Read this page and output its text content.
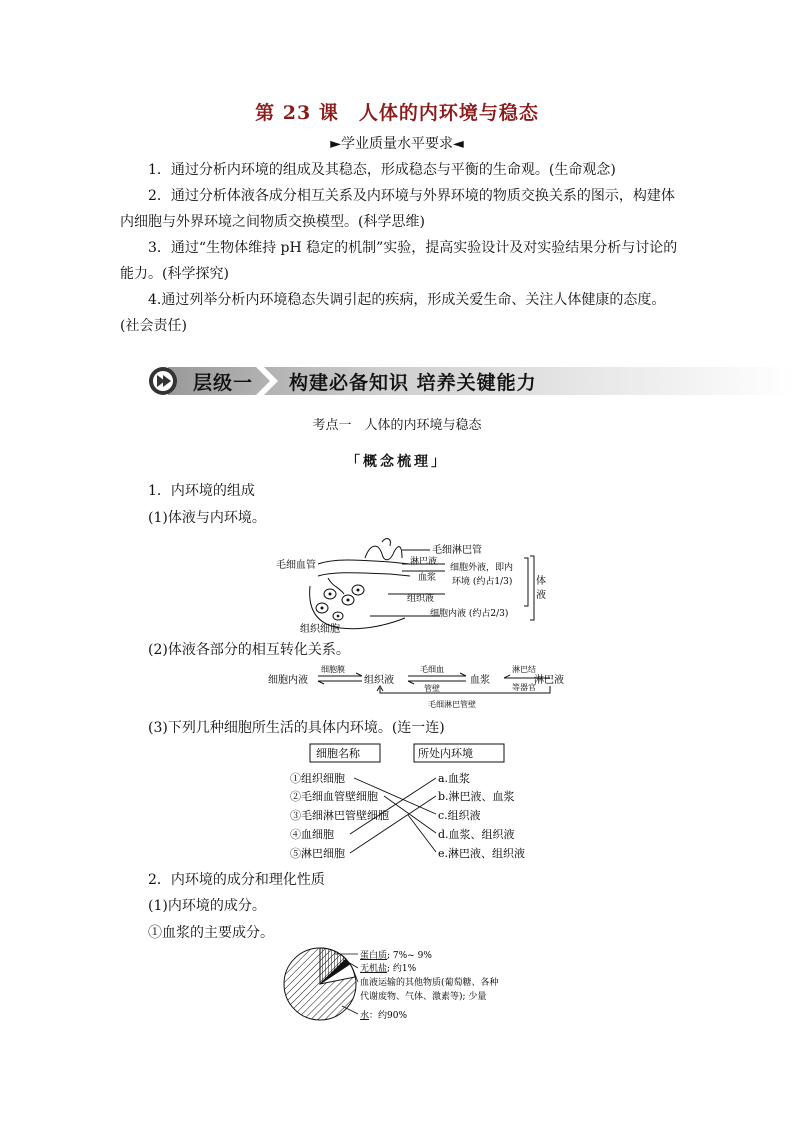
第 23 课　人体的内环境与稳态
►学业质量水平要求◄

1．通过分析内环境的组成及其稳态，形成稳态与平衡的生命观。(生命观念)

2．通过分析体液各成分相互关系及内环境与外界环境的物质交换关系的图示，构建体内细胞与外界环境之间物质交换模型。(科学思维)

3．通过“生物体维持 pH 稳定的机制”实验，提高实验设计及对实验结果分析与讨论的能力。(科学探究)

4.通过列举分析内环境稳态失调引起的疾病，形成关爱生命、关注人体健康的态度。(社会责任)

层级一 构建必备知识 培养关键能力
考点一　人体的内环境与稳态
「概念梳理」
1．内环境的组成
(1)体液与内环境。
毛细血管
毛细淋巴管
淋巴液
血浆
组织液
细胞外液，即内
环境 (约占1/3)
细胞内液 (约占2/3)
体
液
组织细胞
(2)体液各部分的相互转化关系。
细胞内液
细胞膜
组织液
毛细血
管壁
血浆
淋巴结
等器官
淋巴液
毛细淋巴管壁
(3)下列几种细胞所生活的具体内环境。(连一连)
细胞名称	所处内环境
①组织细胞
②毛细血管壁细胞
③毛细淋巴管壁细胞
④血细胞
⑤淋巴细胞
a.血浆
b.淋巴液、血浆
c.组织液
d.血浆、组织液
e.淋巴液、组织液
2．内环境的成分和理化性质
(1)内环境的成分。
①血浆的主要成分。
蛋白质; 7%~ 9%
无机盐; 约1%
血液运输的其他物质(葡萄糖、各种
代谢废物、气体、激素等); 少量
水：约90%
